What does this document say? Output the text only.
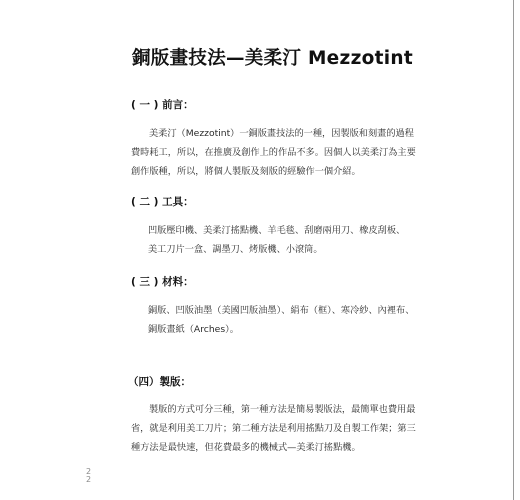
銅版畫技法—美柔汀 Mezzotint
( 一 ) 前言：
美柔汀（Mezzotint）一銅版畫技法的一種，因製版和刻畫的過程
費時耗工，所以，在推廣及創作上的作品不多。因個人以美柔汀為主要
創作版種，所以，將個人製版及刻版的經驗作一個介紹。
( 二 ) 工具：
凹版壓印機、美柔汀搖點機、羊毛毯、刮磨兩用刀、橡皮刮板、
美工刀片一盒、調墨刀、烤版機、小滾筒。
( 三 ) 材料：
銅版、凹版油墨（美國凹版油墨）、絹布（框）、寒冷紗、內裡布、
銅版畫紙（Arches）。
（四）製版：
製版的方式可分三種，第一種方法是簡易製版法，最簡單也費用最
省，就是利用美工刀片；第二種方法是利用搖點刀及自製工作架；第三
種方法是最快速，但花費最多的機械式—美柔汀搖點機。
2
2
